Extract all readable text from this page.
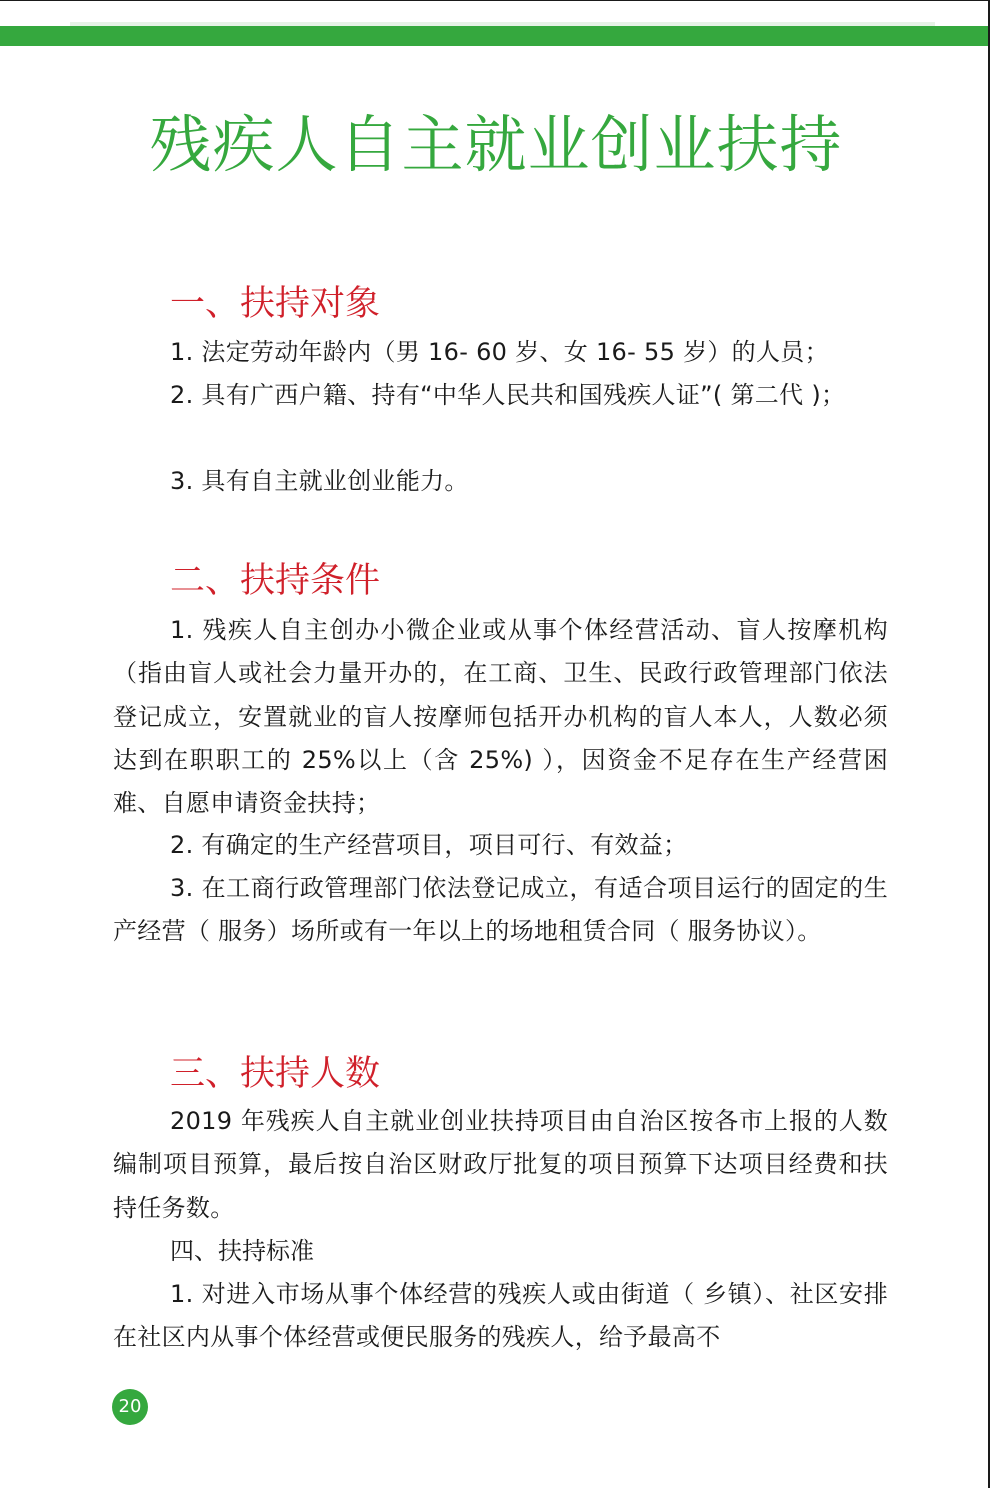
残疾人自主就业创业扶持
一、扶持对象

1. 法定劳动年龄内（男 16- 60 岁、女 16- 55 岁）的人员；

2. 具有广西户籍、持有“中华人民共和国残疾人证”( 第二代 )；

3. 具有自主就业创业能力。

二、扶持条件

1. 残疾人自主创办小微企业或从事个体经营活动、盲人按摩机构（指由盲人或社会力量开办的，在工商、卫生、民政行政管理部门依法登记成立，安置就业的盲人按摩师包括开办机构的盲人本人，人数必须达到在职职工的 25%以上（含 25%) ），因资金不足存在生产经营困难、自愿申请资金扶持；

2. 有确定的生产经营项目，项目可行、有效益；

3. 在工商行政管理部门依法登记成立，有适合项目运行的固定的生产经营（ 服务）场所或有一年以上的场地租赁合同（ 服务协议）。

三、扶持人数

2019 年残疾人自主就业创业扶持项目由自治区按各市上报的人数编制项目预算，最后按自治区财政厅批复的项目预算下达项目经费和扶持任务数。

四、扶持标准

1. 对进入市场从事个体经营的残疾人或由街道（ 乡镇）、社区安排在社区内从事个体经营或便民服务的残疾人，给予最高不

20
